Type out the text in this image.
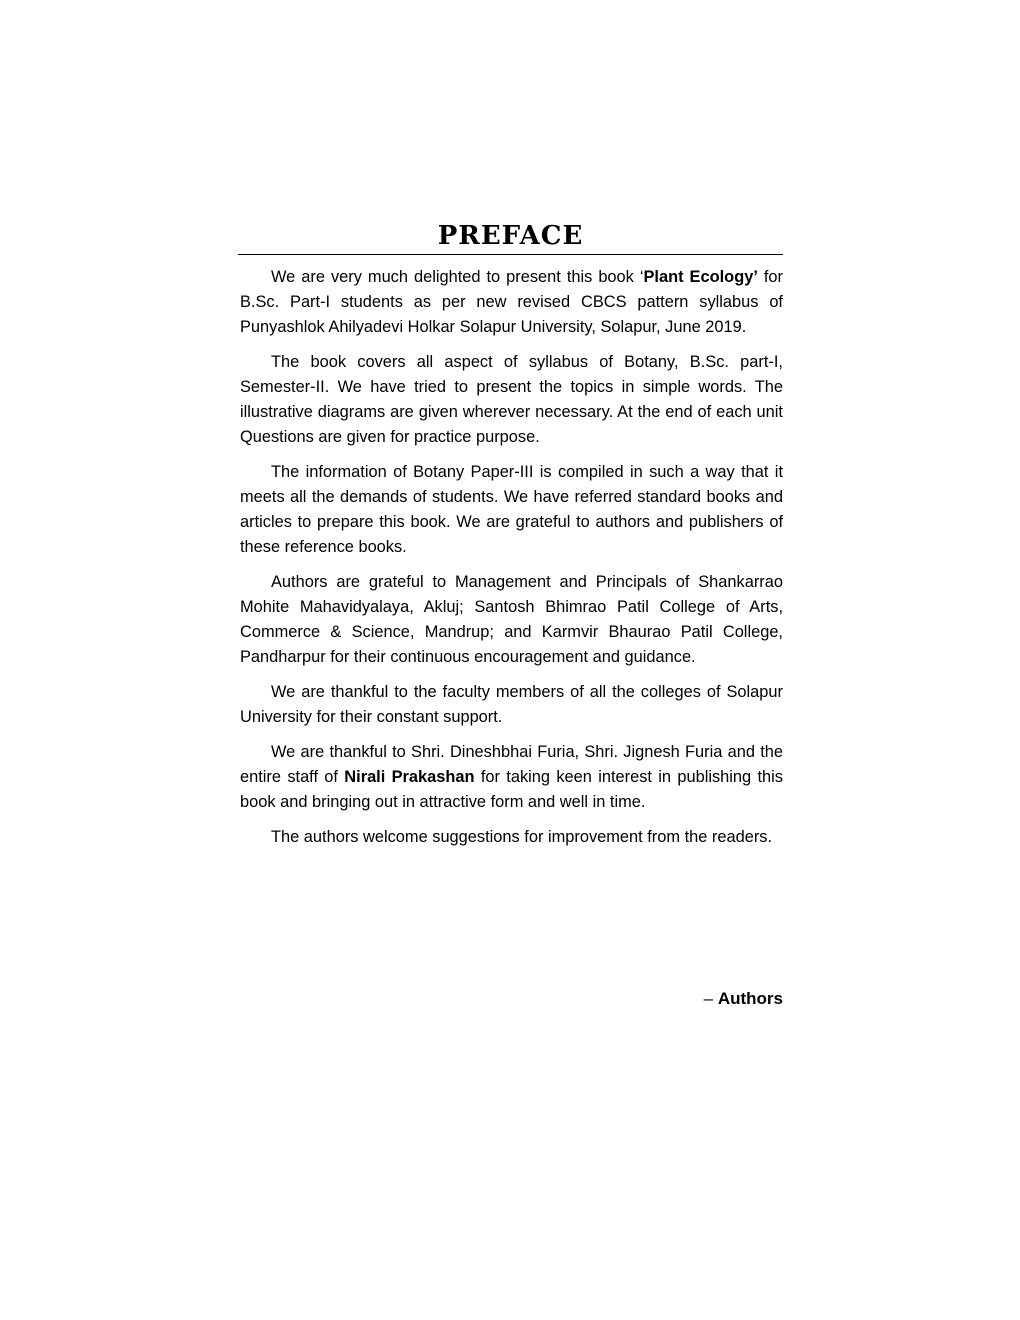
PREFACE

We are very much delighted to present this book ‘Plant Ecology’ for B.Sc. Part-I students as per new revised CBCS pattern syllabus of Punyashlok Ahilyadevi Holkar Solapur University, Solapur, June 2019.

The book covers all aspect of syllabus of Botany, B.Sc. part-I, Semester-II. We have tried to present the topics in simple words. The illustrative diagrams are given wherever necessary. At the end of each unit Questions are given for practice purpose.

The information of Botany Paper-III is compiled in such a way that it meets all the demands of students. We have referred standard books and articles to prepare this book. We are grateful to authors and publishers of these reference books.

Authors are grateful to Management and Principals of Shankarrao Mohite Mahavidyalaya, Akluj; Santosh Bhimrao Patil College of Arts, Commerce & Science, Mandrup; and Karmvir Bhaurao Patil College, Pandharpur for their continuous encouragement and guidance.

We are thankful to the faculty members of all the colleges of Solapur University for their constant support.

We are thankful to Shri. Dineshbhai Furia, Shri. Jignesh Furia and the entire staff of Nirali Prakashan for taking keen interest in publishing this book and bringing out in attractive form and well in time.

The authors welcome suggestions for improvement from the readers.

– Authors
